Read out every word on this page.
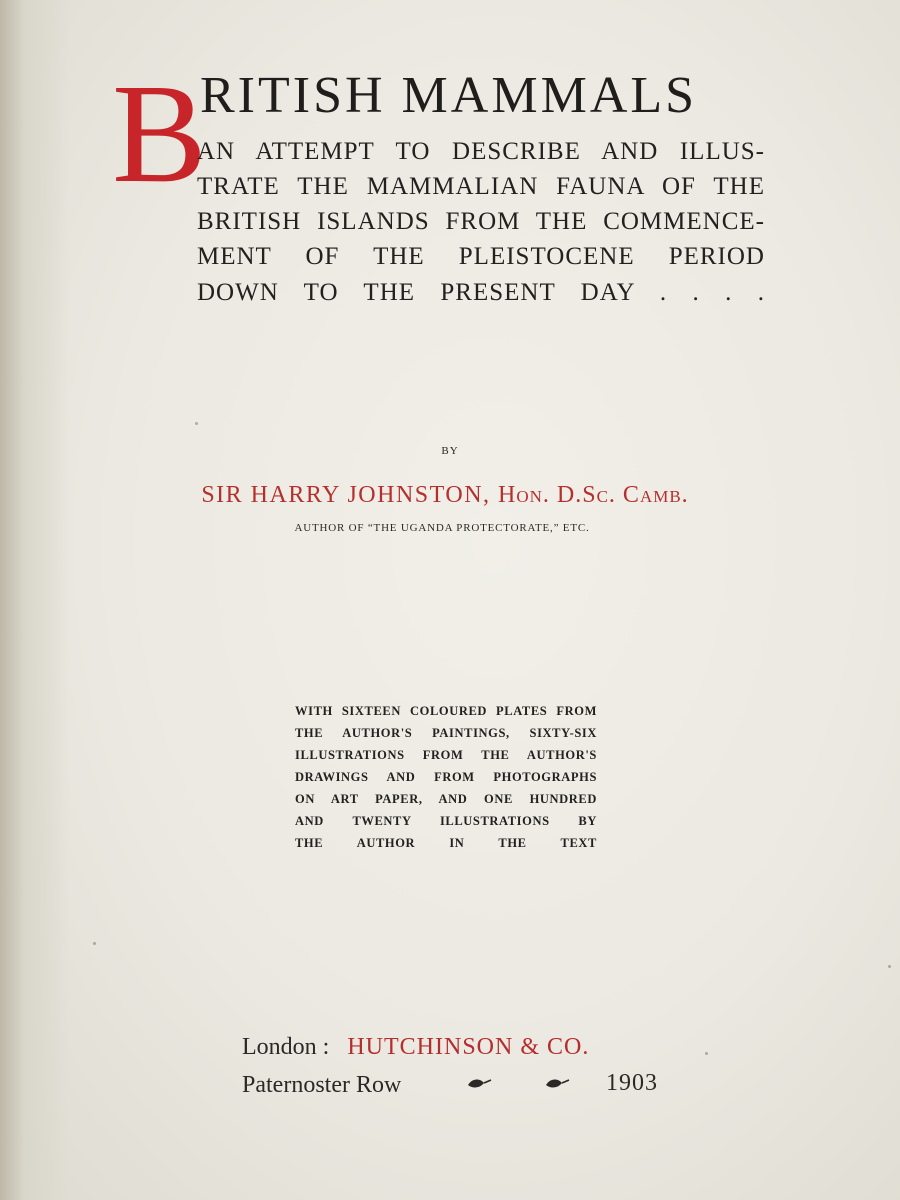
B
RITISH MAMMALS
AN ATTEMPT TO DESCRIBE AND ILLUS-
TRATE THE MAMMALIAN FAUNA OF THE
BRITISH ISLANDS FROM THE COMMENCE-
MENT OF THE PLEISTOCENE PERIOD
DOWN TO THE PRESENT DAY . . . .
BY
SIR HARRY JOHNSTON, Hon. D.Sc. Camb.
AUTHOR OF “THE UGANDA PROTECTORATE,” ETC.
WITH SIXTEEN COLOURED PLATES FROM
THE AUTHOR'S PAINTINGS, SIXTY-SIX
ILLUSTRATIONS FROM THE AUTHOR'S
DRAWINGS AND FROM PHOTOGRAPHS
ON ART PAPER, AND ONE HUNDRED
AND TWENTY ILLUSTRATIONS BY
THE AUTHOR IN THE TEXT
London : HUTCHINSON & CO.
Paternoster Row	1903
